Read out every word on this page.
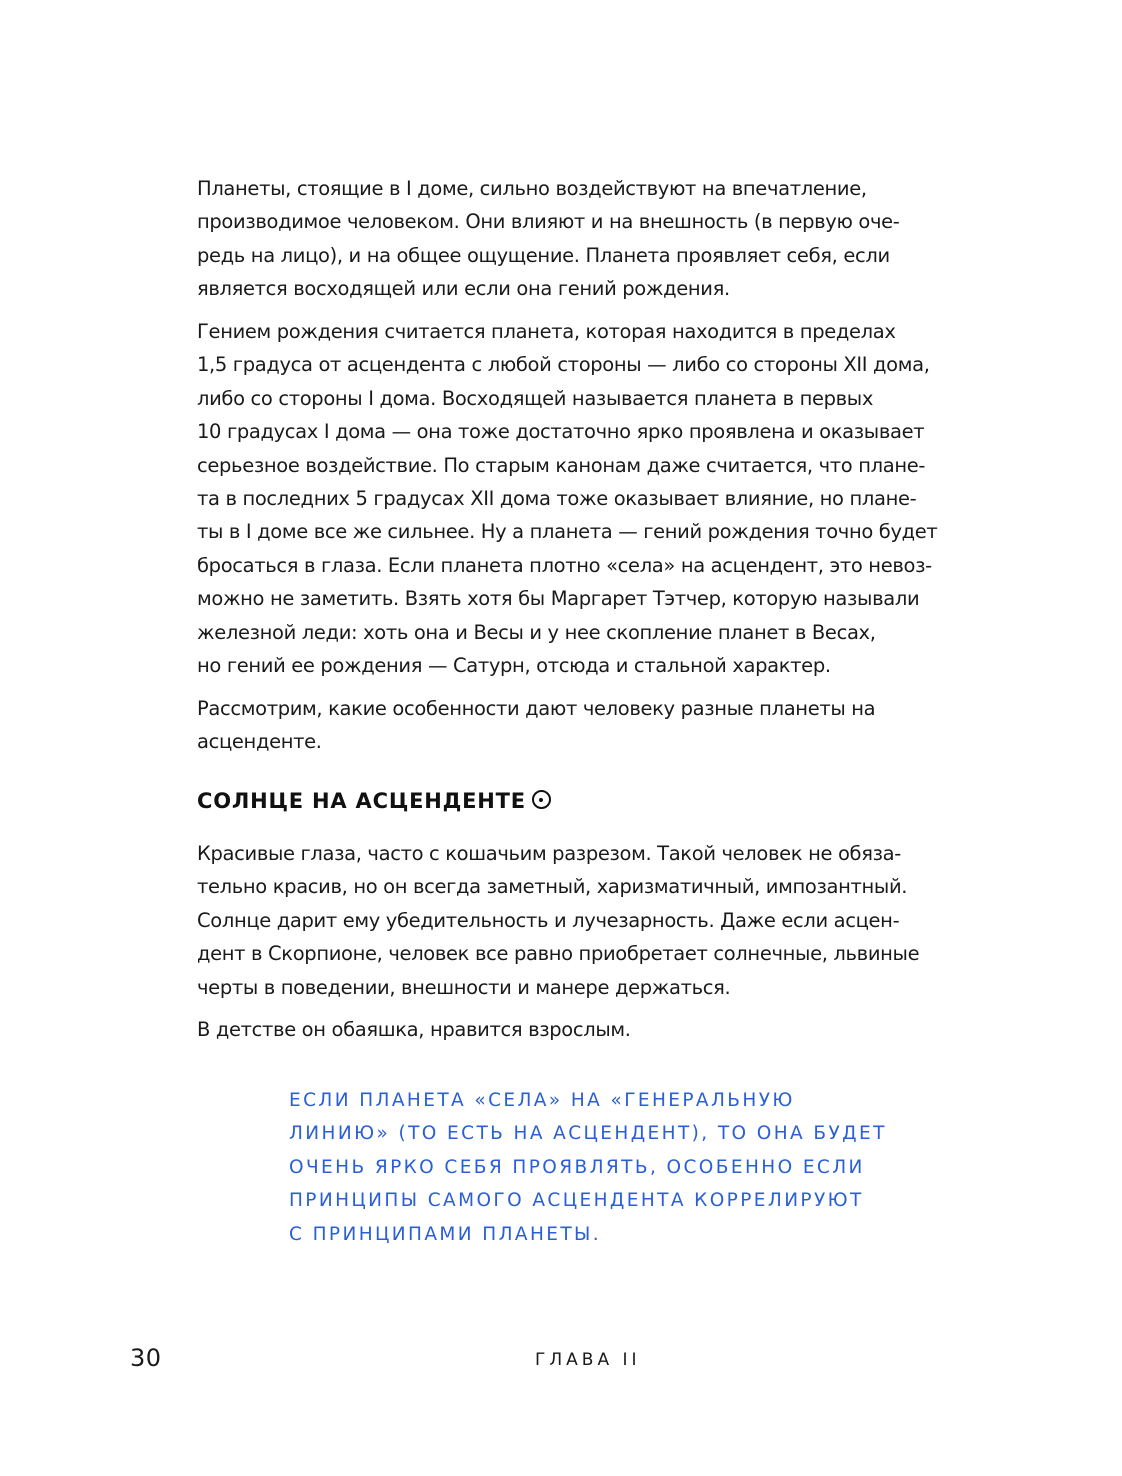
Планеты, стоящие в I доме, сильно воздействуют на впечатление,
производимое человеком. Они влияют и на внешность (в первую оче-
редь на лицо), и на общее ощущение. Планета проявляет себя, если
является восходящей или если она гений рождения.
Гением рождения считается планета, которая находится в пределах
1,5 градуса от асцендента с любой стороны — либо со стороны XII дома,
либо со стороны I дома. Восходящей называется планета в первых
10 градусах I дома — она тоже достаточно ярко проявлена и оказывает
серьезное воздействие. По старым канонам даже считается, что плане-
та в последних 5 градусах XII дома тоже оказывает влияние, но плане-
ты в I доме все же сильнее. Ну а планета — гений рождения точно будет
бросаться в глаза. Если планета плотно «села» на асцендент, это невоз-
можно не заметить. Взять хотя бы Маргарет Тэтчер, которую называли
железной леди: хоть она и Весы и у нее скопление планет в Весах,
но гений ее рождения — Сатурн, отсюда и стальной характер.
Рассмотрим, какие особенности дают человеку разные планеты на
асценденте.
СОЛНЦЕ НА АСЦЕНДЕНТЕ
Красивые глаза, часто с кошачьим разрезом. Такой человек не обяза-
тельно красив, но он всегда заметный, харизматичный, импозантный.
Солнце дарит ему убедительность и лучезарность. Даже если асцен-
дент в Скорпионе, человек все равно приобретает солнечные, львиные
черты в поведении, внешности и манере держаться.
В детстве он обаяшка, нравится взрослым.
ЕСЛИ ПЛАНЕТА «СЕЛА» НА «ГЕНЕРАЛЬНУЮ
ЛИНИЮ» (ТО ЕСТЬ НА АСЦЕНДЕНТ), ТО ОНА БУДЕТ
ОЧЕНЬ ЯРКО СЕБЯ ПРОЯВЛЯТЬ, ОСОБЕННО ЕСЛИ
ПРИНЦИПЫ САМОГО АСЦЕНДЕНТА КОРРЕЛИРУЮТ
С ПРИНЦИПАМИ ПЛАНЕТЫ.
30	ГЛАВА II
